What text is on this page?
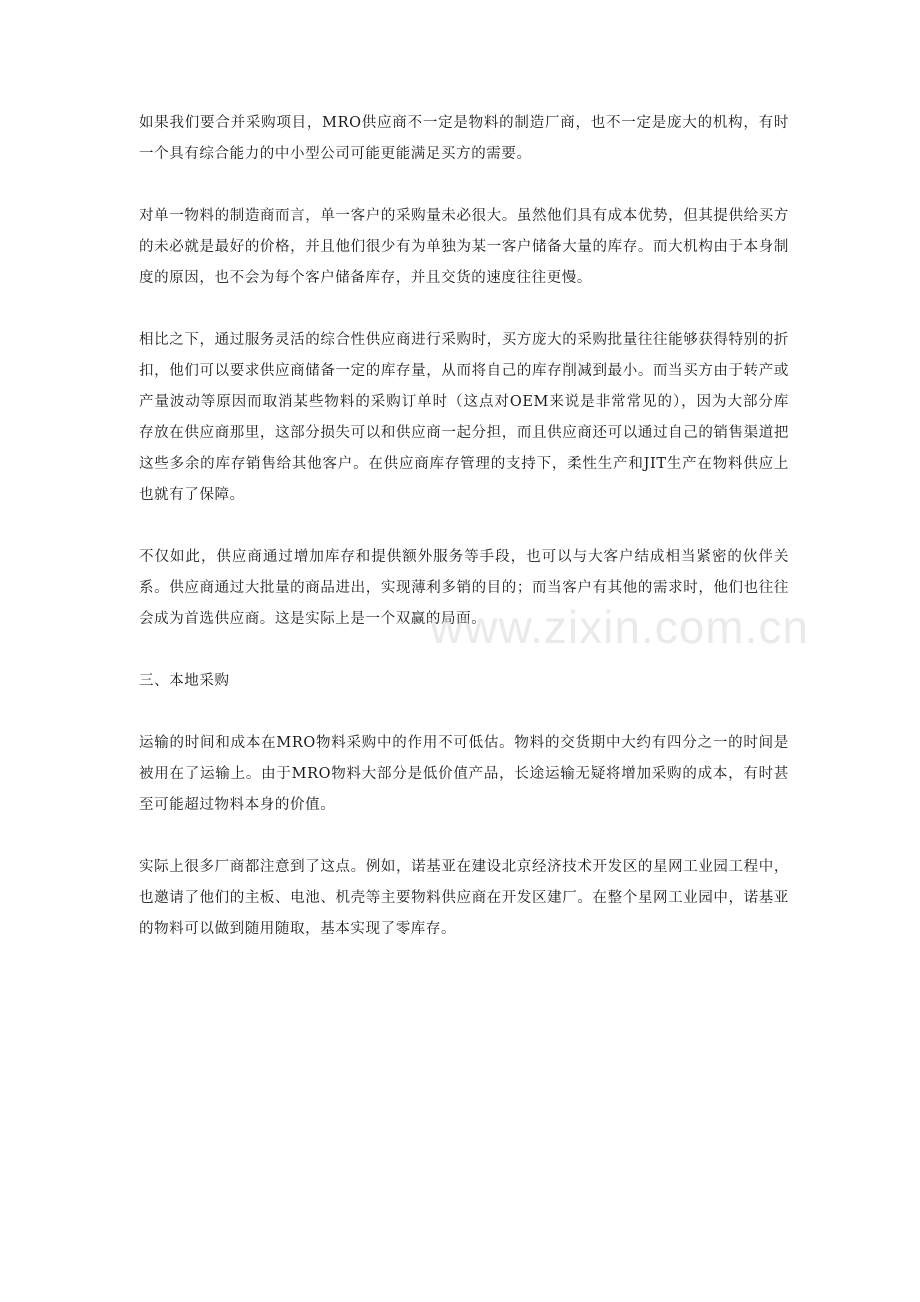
如果我们要合并采购项目，MRO供应商不一定是物料的制造厂商，也不一定是庞大的机构，有时一个具有综合能力的中小型公司可能更能满足买方的需要。

对单一物料的制造商而言，单一客户的采购量未必很大。虽然他们具有成本优势，但其提供给买方的未必就是最好的价格，并且他们很少有为单独为某一客户储备大量的库存。而大机构由于本身制度的原因，也不会为每个客户储备库存，并且交货的速度往往更慢。

相比之下，通过服务灵活的综合性供应商进行采购时，买方庞大的采购批量往往能够获得特别的折扣，他们可以要求供应商储备一定的库存量，从而将自己的库存削减到最小。而当买方由于转产或产量波动等原因而取消某些物料的采购订单时（这点对OEM来说是非常常见的），因为大部分库存放在供应商那里，这部分损失可以和供应商一起分担，而且供应商还可以通过自己的销售渠道把这些多余的库存销售给其他客户。在供应商库存管理的支持下，柔性生产和JIT生产在物料供应上也就有了保障。

不仅如此，供应商通过增加库存和提供额外服务等手段，也可以与大客户结成相当紧密的伙伴关系。供应商通过大批量的商品进出，实现薄利多销的目的；而当客户有其他的需求时，他们也往往会成为首选供应商。这是实际上是一个双赢的局面。

三、本地采购

运输的时间和成本在MRO物料采购中的作用不可低估。物料的交货期中大约有四分之一的时间是被用在了运输上。由于MRO物料大部分是低价值产品，长途运输无疑将增加采购的成本，有时甚至可能超过物料本身的价值。

实际上很多厂商都注意到了这点。例如，诺基亚在建设北京经济技术开发区的星网工业园工程中，也邀请了他们的主板、电池、机壳等主要物料供应商在开发区建厂。在整个星网工业园中，诺基亚的物料可以做到随用随取，基本实现了零库存。

www.zixin.com.cn
